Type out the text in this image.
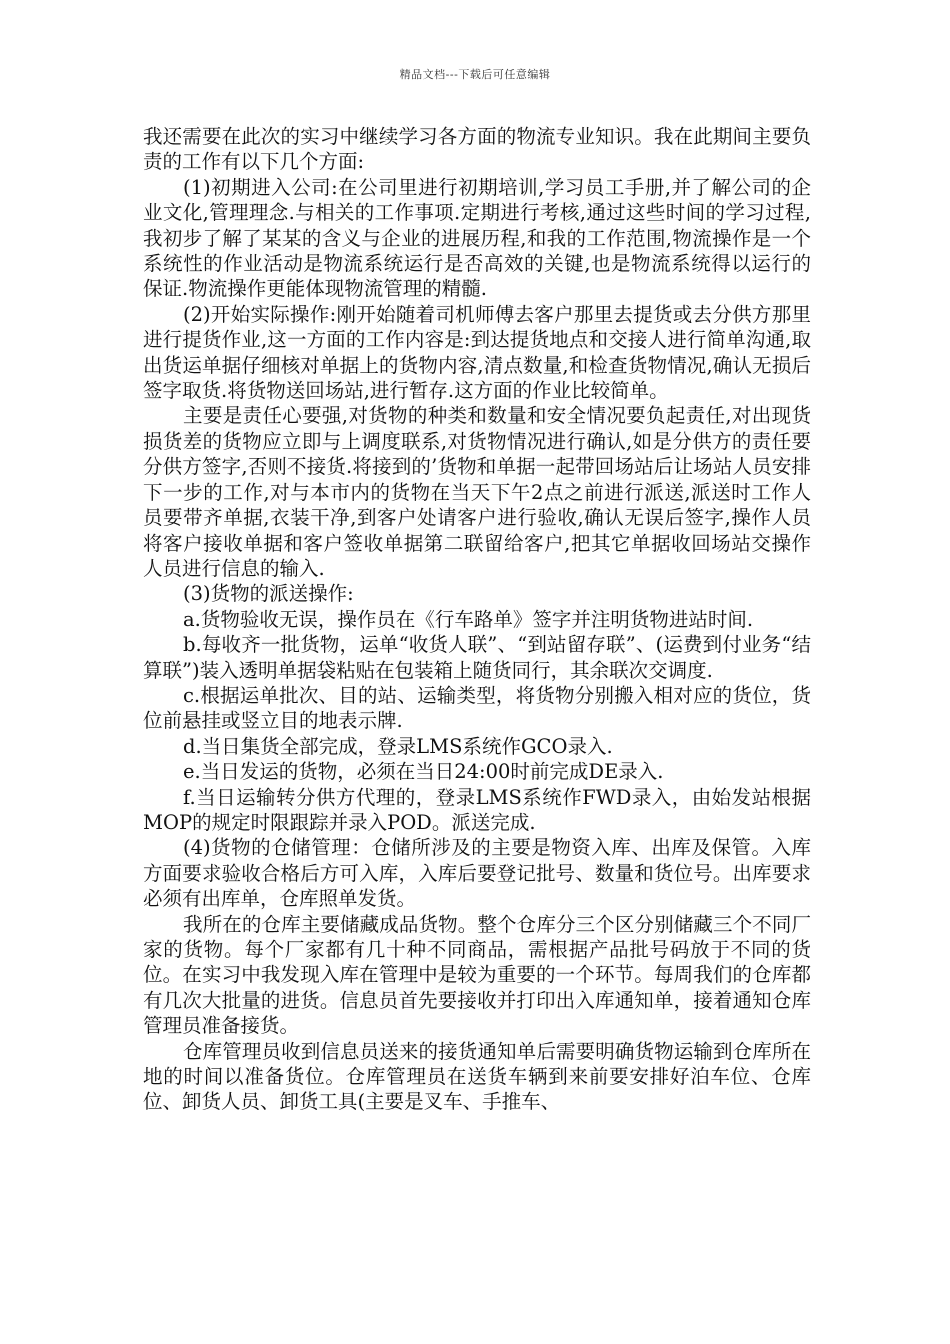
精品文档---下载后可任意编辑

我还需要在此次的实习中继续学习各方面的物流专业知识。我在此期间主要负责的工作有以下几个方面:

(1)初期进入公司:在公司里进行初期培训,学习员工手册,并了解公司的企业文化,管理理念.与相关的工作事项.定期进行考核,通过这些时间的学习过程,我初步了解了某某的含义与企业的进展历程,和我的工作范围,物流操作是一个系统性的作业活动是物流系统运行是否高效的关键,也是物流系统得以运行的保证.物流操作更能体现物流管理的精髓.

(2)开始实际操作:刚开始随着司机师傅去客户那里去提货或去分供方那里进行提货作业,这一方面的工作内容是:到达提货地点和交接人进行简单沟通,取出货运单据仔细核对单据上的货物内容,清点数量,和检查货物情况,确认无损后签字取货.将货物送回场站,进行暂存.这方面的作业比较简单。

主要是责任心要强,对货物的种类和数量和安全情况要负起责任,对出现货损货差的货物应立即与上调度联系,对货物情况进行确认,如是分供方的责任要分供方签字,否则不接货.将接到的’货物和单据一起带回场站后让场站人员安排下一步的工作,对与本市内的货物在当天下午2点之前进行派送,派送时工作人员要带齐单据,衣装干净,到客户处请客户进行验收,确认无误后签字,操作人员将客户接收单据和客户签收单据第二联留给客户,把其它单据收回场站交操作人员进行信息的输入.

(3)货物的派送操作:

a.货物验收无误，操作员在《行车路单》签字并注明货物进站时间.

b.每收齐一批货物，运单“收货人联”、“到站留存联”、(运费到付业务“结算联”)装入透明单据袋粘贴在包装箱上随货同行，其余联次交调度.

c.根据运单批次、目的站、运输类型，将货物分别搬入相对应的货位，货位前悬挂或竖立目的地表示牌.

d.当日集货全部完成，登录LMS系统作GCO录入.

e.当日发运的货物，必须在当日24:00时前完成DE录入.

f.当日运输转分供方代理的，登录LMS系统作FWD录入，由始发站根据MOP的规定时限跟踪并录入POD。派送完成.

(4)货物的仓储管理：仓储所涉及的主要是物资入库、出库及保管。入库方面要求验收合格后方可入库，入库后要登记批号、数量和货位号。出库要求必须有出库单，仓库照单发货。

我所在的仓库主要储藏成品货物。整个仓库分三个区分别储藏三个不同厂家的货物。每个厂家都有几十种不同商品，需根据产品批号码放于不同的货位。在实习中我发现入库在管理中是较为重要的一个环节。每周我们的仓库都有几次大批量的进货。信息员首先要接收并打印出入库通知单，接着通知仓库管理员准备接货。

仓库管理员收到信息员送来的接货通知单后需要明确货物运输到仓库所在地的时间以准备货位。仓库管理员在送货车辆到来前要安排好泊车位、仓库位、卸货人员、卸货工具(主要是叉车、手推车、
